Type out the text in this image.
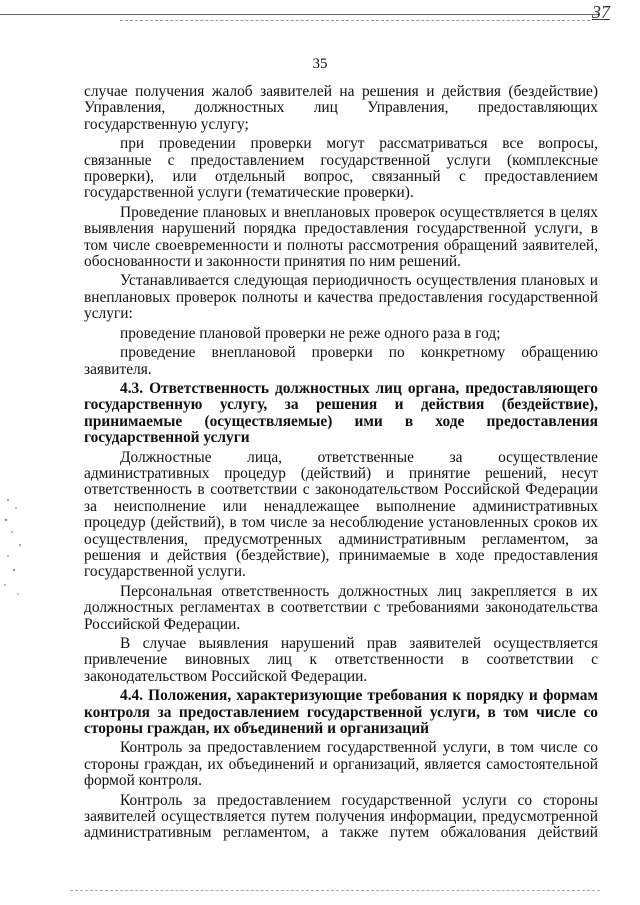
37
35

случае получения жалоб заявителей на решения и действия (бездействие) Управления, должностных лиц Управления, предоставляющих государственную услугу;

при проведении проверки могут рассматриваться все вопросы, связанные с предоставлением государственной услуги (комплексные проверки), или отдельный вопрос, связанный с предоставлением государственной услуги (тематические проверки).

Проведение плановых и внеплановых проверок осуществляется в целях выявления нарушений порядка предоставления государственной услуги, в том числе своевременности и полноты рассмотрения обращений заявителей, обоснованности и законности принятия по ним решений.

Устанавливается следующая периодичность осуществления плановых и внеплановых проверок полноты и качества предоставления государственной услуги:

проведение плановой проверки не реже одного раза в год;

проведение внеплановой проверки по конкретному обращению заявителя.

4.3. Ответственность должностных лиц органа, предоставляющего государственную услугу, за решения и действия (бездействие), принимаемые (осуществляемые) ими в ходе предоставления государственной услуги

Должностные лица, ответственные за осуществление административных процедур (действий) и принятие решений, несут ответственность в соответствии с законодательством Российской Федерации за неисполнение или ненадлежащее выполнение административных процедур (действий), в том числе за несоблюдение установленных сроков их осуществления, предусмотренных административным регламентом, за решения и действия (бездействие), принимаемые в ходе предоставления государственной услуги.

Персональная ответственность должностных лиц закрепляется в их должностных регламентах в соответствии с требованиями законодательства Российской Федерации.

В случае выявления нарушений прав заявителей осуществляется привлечение виновных лиц к ответственности в соответствии с законодательством Российской Федерации.

4.4. Положения, характеризующие требования к порядку и формам контроля за предоставлением государственной услуги, в том числе со стороны граждан, их объединений и организаций

Контроль за предоставлением государственной услуги, в том числе со стороны граждан, их объединений и организаций, является самостоятельной формой контроля.

Контроль за предоставлением государственной услуги со стороны заявителей осуществляется путем получения информации, предусмотренной административным регламентом, а также путем обжалования действий
